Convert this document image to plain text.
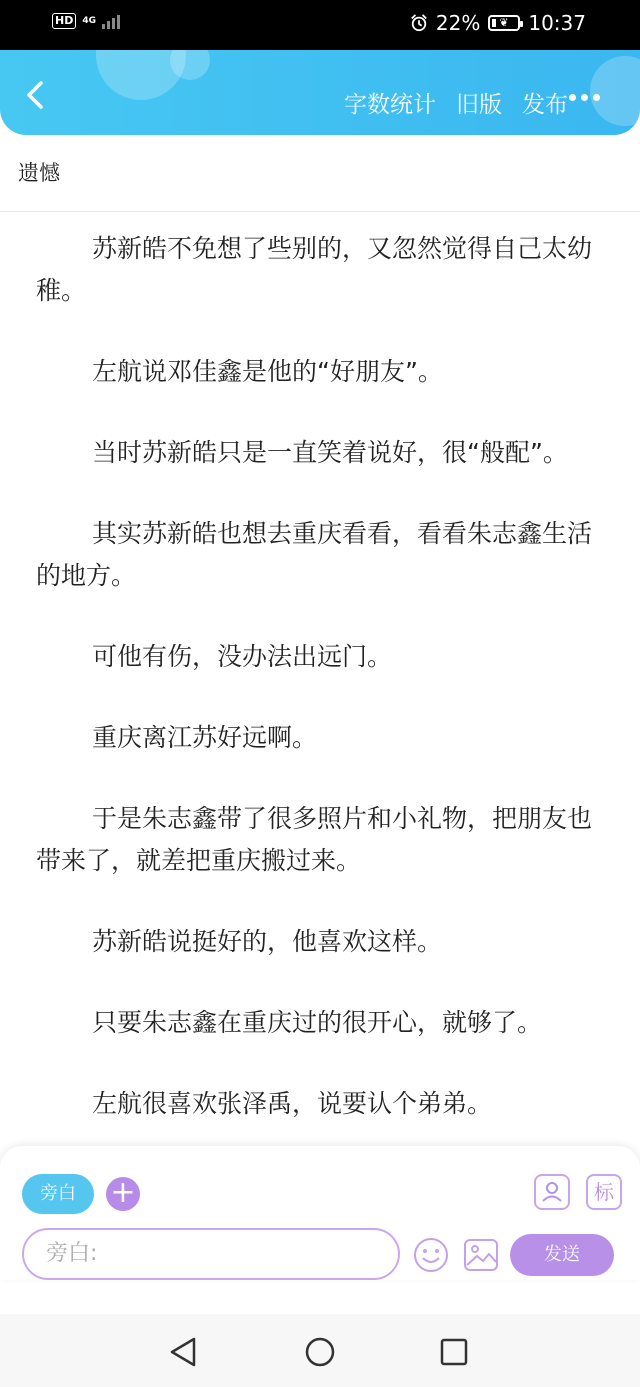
HD	4G	22% ❦ 10:37
字数统计 旧版 发布
遗憾

苏新皓不免想了些别的，又忽然觉得自己太幼稚。

左航说邓佳鑫是他的“好朋友”。

当时苏新皓只是一直笑着说好，很“般配”。

其实苏新皓也想去重庆看看，看看朱志鑫生活的地方。

可他有伤，没办法出远门。

重庆离江苏好远啊。

于是朱志鑫带了很多照片和小礼物，把朋友也带来了，就差把重庆搬过来。

苏新皓说挺好的，他喜欢这样。

只要朱志鑫在重庆过的很开心，就够了。

左航很喜欢张泽禹，说要认个弟弟。

旁白	+	标
旁白:	发送
